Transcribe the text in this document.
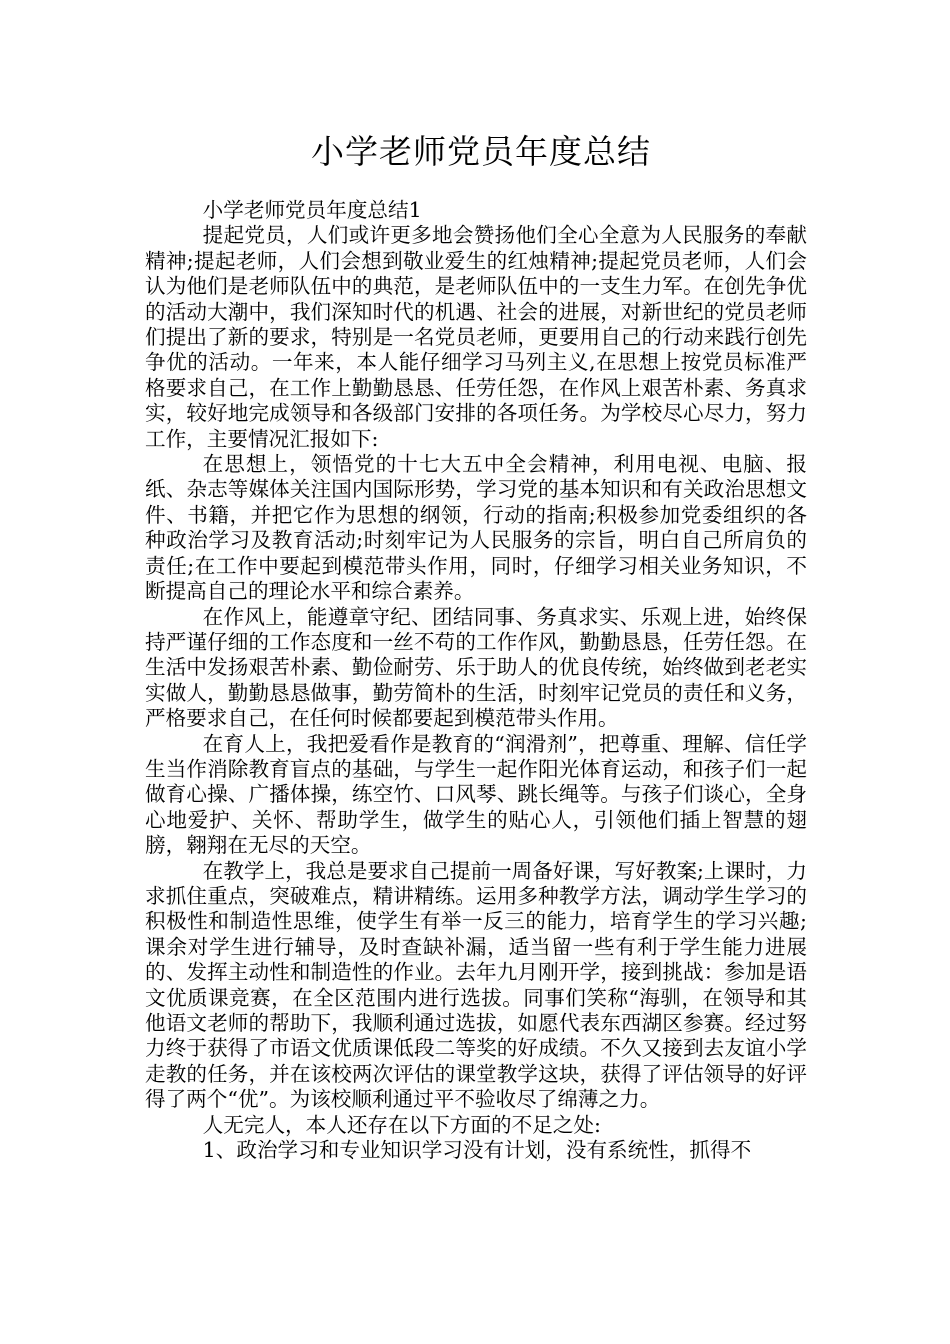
小学老师党员年度总结

小学老师党员年度总结1

提起党员，人们或许更多地会赞扬他们全心全意为人民服务的奉献精神;提起老师，人们会想到敬业爱生的红烛精神;提起党员老师，人们会认为他们是老师队伍中的典范，是老师队伍中的一支生力军。在创先争优的活动大潮中，我们深知时代的机遇、社会的进展，对新世纪的党员老师们提出了新的要求，特别是一名党员老师，更要用自己的行动来践行创先争优的活动。一年来，本人能仔细学习马列主义,在思想上按党员标准严格要求自己，在工作上勤勤恳恳、任劳任怨，在作风上艰苦朴素、务真求实，较好地完成领导和各级部门安排的各项任务。为学校尽心尽力，努力工作，主要情况汇报如下:

在思想上，领悟党的十七大五中全会精神，利用电视、电脑、报纸、杂志等媒体关注国内国际形势，学习党的基本知识和有关政治思想文件、书籍，并把它作为思想的纲领，行动的指南;积极参加党委组织的各种政治学习及教育活动;时刻牢记为人民服务的宗旨，明白自己所肩负的责任;在工作中要起到模范带头作用，同时，仔细学习相关业务知识，不断提高自己的理论水平和综合素养。

在作风上，能遵章守纪、团结同事、务真求实、乐观上进，始终保持严谨仔细的工作态度和一丝不苟的工作作风，勤勤恳恳，任劳任怨。在生活中发扬艰苦朴素、勤俭耐劳、乐于助人的优良传统，始终做到老老实实做人，勤勤恳恳做事，勤劳简朴的生活，时刻牢记党员的责任和义务，严格要求自己，在任何时候都要起到模范带头作用。

在育人上，我把爱看作是教育的“润滑剂”，把尊重、理解、信任学生当作消除教育盲点的基础，与学生一起作阳光体育运动，和孩子们一起做育心操、广播体操，练空竹、口风琴、跳长绳等。与孩子们谈心，全身心地爱护、关怀、帮助学生，做学生的贴心人，引领他们插上智慧的翅膀，翱翔在无尽的天空。

在教学上，我总是要求自己提前一周备好课，写好教案;上课时，力求抓住重点，突破难点，精讲精练。运用多种教学方法，调动学生学习的积极性和制造性思维，使学生有举一反三的能力，培育学生的学习兴趣;课余对学生进行辅导，及时查缺补漏，适当留一些有利于学生能力进展的、发挥主动性和制造性的作业。去年九月刚开学，接到挑战：参加是语文优质课竞赛，在全区范围内进行选拔。同事们笑称“海驯，在领导和其他语文老师的帮助下，我顺利通过选拔，如愿代表东西湖区参赛。经过努力终于获得了市语文优质课低段二等奖的好成绩。不久又接到去友谊小学走教的任务，并在该校两次评估的课堂教学这块，获得了评估领导的好评得了两个“优”。为该校顺利通过平不验收尽了绵薄之力。

人无完人，本人还存在以下方面的不足之处:

1、政治学习和专业知识学习没有计划，没有系统性，抓得不
